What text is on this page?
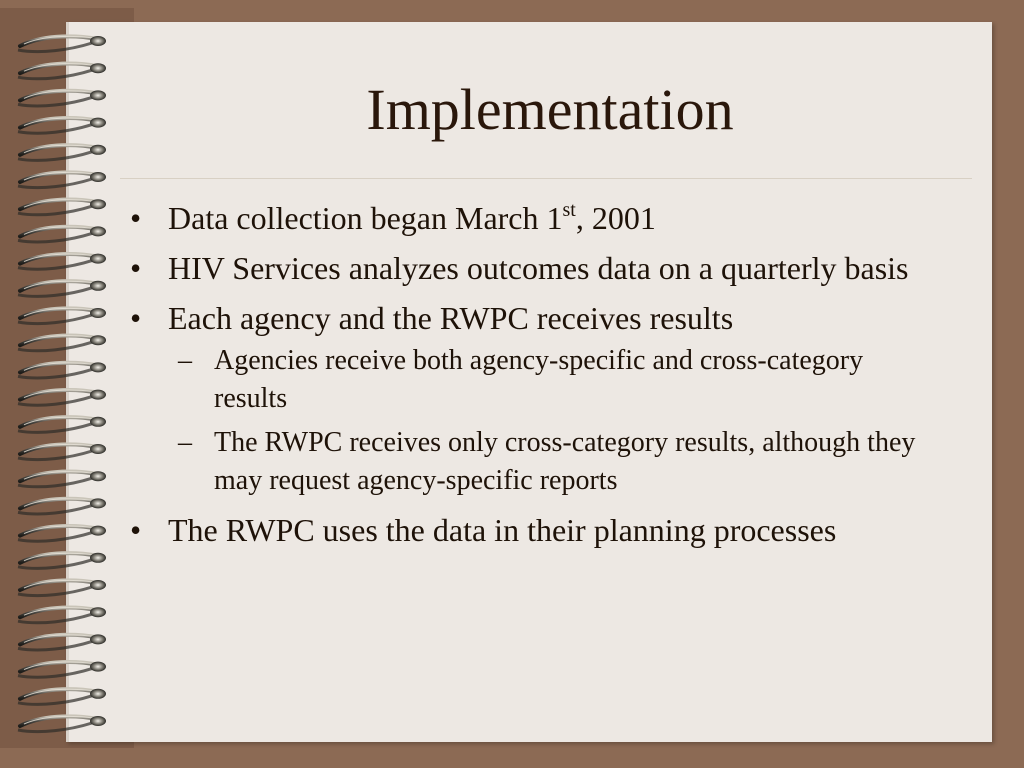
Implementation
• Data collection began March 1st, 2001
• HIV Services analyzes outcomes data on a quarterly basis
• Each agency and the RWPC receives results
– Agencies receive both agency-specific and cross-category results
– The RWPC receives only cross-category results, although they may request agency-specific reports
• The RWPC uses the data in their planning processes
